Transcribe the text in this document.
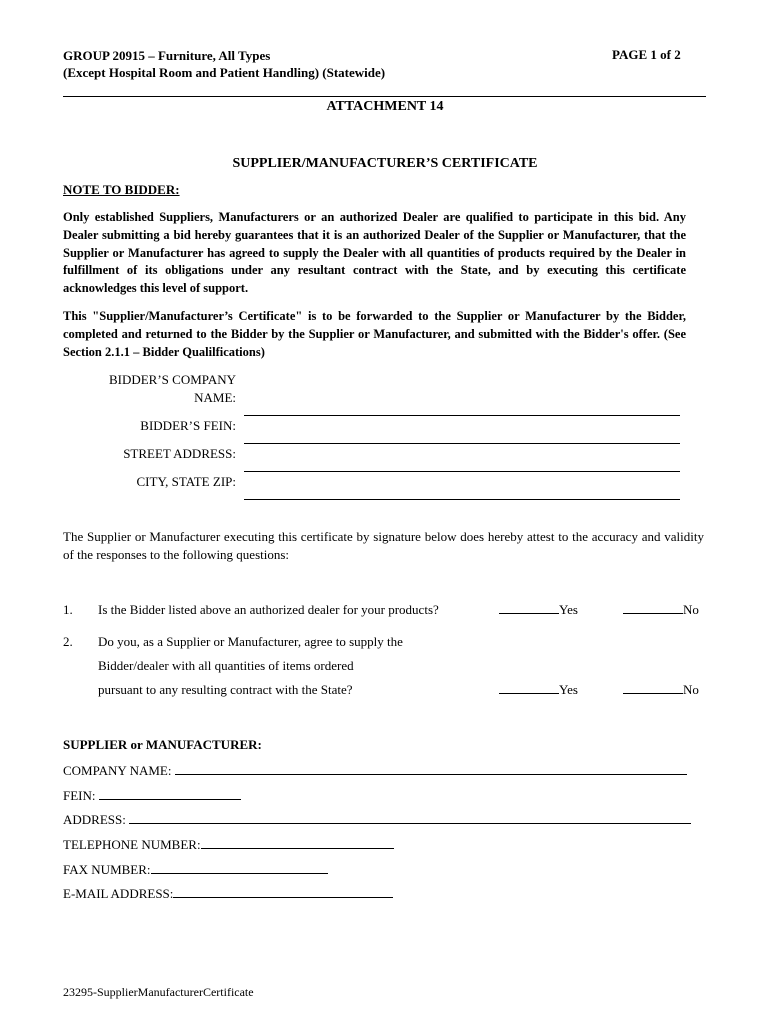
GROUP 20915 – Furniture, All Types
(Except Hospital Room and Patient Handling) (Statewide)
PAGE 1 of 2
ATTACHMENT 14
SUPPLIER/MANUFACTURER’S CERTIFICATE
NOTE TO BIDDER:
Only established Suppliers, Manufacturers or an authorized Dealer are qualified to participate in this bid. Any Dealer submitting a bid hereby guarantees that it is an authorized Dealer of the Supplier or Manufacturer, that the Supplier or Manufacturer has agreed to supply the Dealer with all quantities of products required by the Dealer in fulfillment of its obligations under any resultant contract with the State, and by executing this certificate acknowledges this level of support.
This "Supplier/Manufacturer’s Certificate" is to be forwarded to the Supplier or Manufacturer by the Bidder, completed and returned to the Bidder by the Supplier or Manufacturer, and submitted with the Bidder's offer. (See Section 2.1.1 – Bidder Qualilfications)
BIDDER’S COMPANY
NAME:
BIDDER’S FEIN:
STREET ADDRESS:
CITY, STATE ZIP:
The Supplier or Manufacturer executing this certificate by signature below does hereby attest to the accuracy and validity of the responses to the following questions:
1. Is the Bidder listed above an authorized dealer for your products?	Yes	No
2. Do you, as a Supplier or Manufacturer, agree to supply the
Bidder/dealer with all quantities of items ordered
pursuant to any resulting contract with the State?	Yes	No
SUPPLIER or MANUFACTURER:
COMPANY NAME:
FEIN:
ADDRESS:
TELEPHONE NUMBER:
FAX NUMBER:
E-MAIL ADDRESS:
23295-SupplierManufacturerCertificate
